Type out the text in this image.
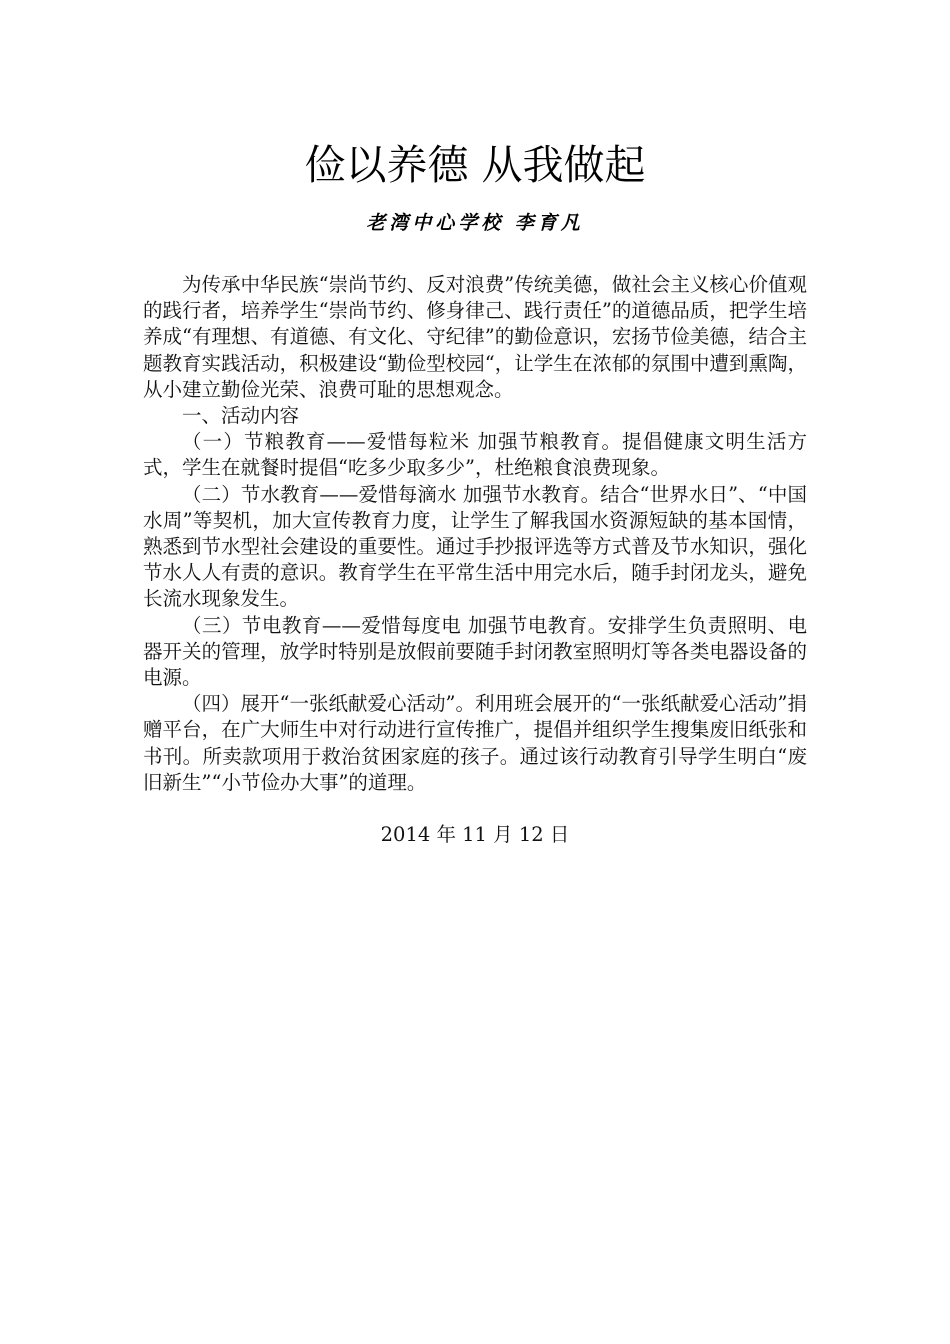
俭以养德 从我做起
老湾中心学校 李育凡

为传承中华民族“崇尚节约、反对浪费”传统美德，做社会主义核心价值观的践行者，培养学生“崇尚节约、修身律己、践行责任”的道德品质，把学生培养成“有理想、有道德、有文化、守纪律”的勤俭意识，宏扬节俭美德，结合主题教育实践活动，积极建设“勤俭型校园“，让学生在浓郁的氛围中遭到熏陶，从小建立勤俭光荣、浪费可耻的思想观念。

一、活动内容

（一）节粮教育——爱惜每粒米 加强节粮教育。提倡健康文明生活方式，学生在就餐时提倡“吃多少取多少”，杜绝粮食浪费现象。

（二）节水教育——爱惜每滴水 加强节水教育。结合“世界水日”、“中国水周”等契机，加大宣传教育力度，让学生了解我国水资源短缺的基本国情，熟悉到节水型社会建设的重要性。通过手抄报评选等方式普及节水知识，强化节水人人有责的意识。教育学生在平常生活中用完水后，随手封闭龙头，避免长流水现象发生。

（三）节电教育——爱惜每度电 加强节电教育。安排学生负责照明、电器开关的管理，放学时特别是放假前要随手封闭教室照明灯等各类电器设备的电源。

（四）展开“一张纸献爱心活动”。利用班会展开的“一张纸献爱心活动”捐赠平台，在广大师生中对行动进行宣传推广，提倡并组织学生搜集废旧纸张和书刊。所卖款项用于救治贫困家庭的孩子。通过该行动教育引导学生明白“废旧新生”“小节俭办大事”的道理。

2014 年 11 月 12 日
